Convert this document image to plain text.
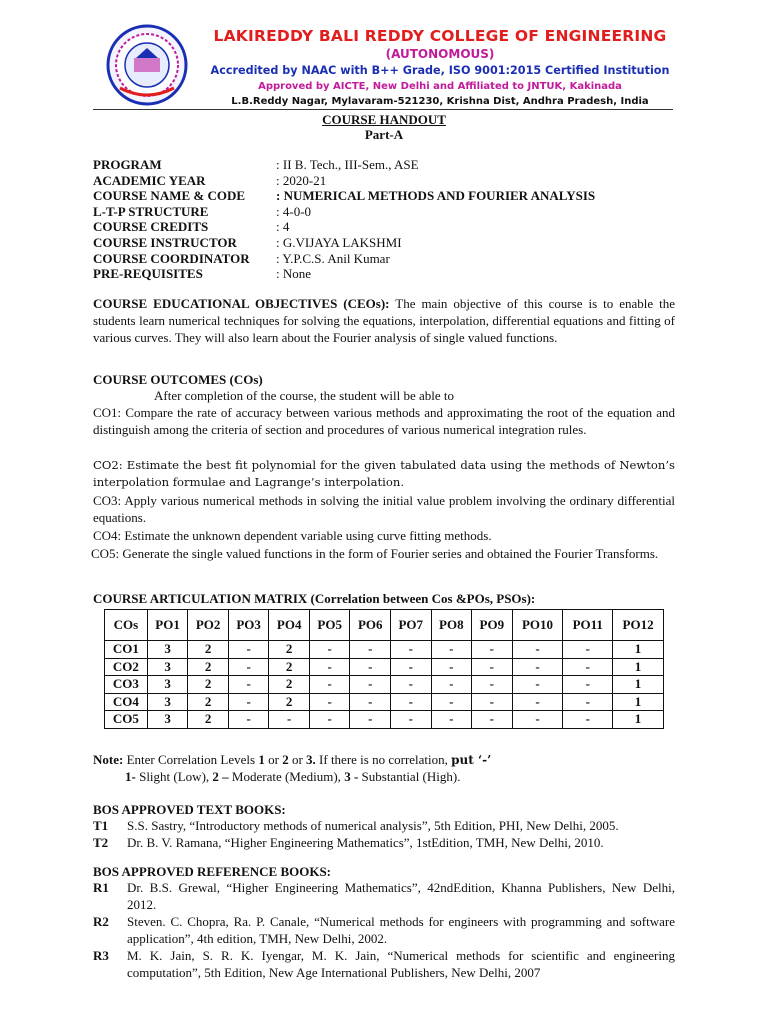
LAKIREDDY BALI REDDY COLLEGE OF ENGINEERING
(AUTONOMOUS)
Accredited by NAAC with B++ Grade, ISO 9001:2015 Certified Institution
Approved by AICTE, New Delhi and Affiliated to JNTUK, Kakinada
L.B.Reddy Nagar, Mylavaram-521230, Krishna Dist, Andhra Pradesh, India
COURSE HANDOUT
Part-A
PROGRAM	: II B. Tech., III-Sem., ASE
ACADEMIC YEAR	: 2020-21
COURSE NAME & CODE	: NUMERICAL METHODS AND FOURIER ANALYSIS
L-T-P STRUCTURE	: 4-0-0
COURSE CREDITS	: 4
COURSE INSTRUCTOR	: G.VIJAYA LAKSHMI
COURSE COORDINATOR	: Y.P.C.S. Anil Kumar
PRE-REQUISITES	: None
COURSE EDUCATIONAL OBJECTIVES (CEOs): The main objective of this course is to enable the students learn numerical techniques for solving the equations, interpolation, differential equations and fitting of various curves. They will also learn about the Fourier analysis of single valued functions.
COURSE OUTCOMES (COs)
After completion of the course, the student will be able to
CO1: Compare the rate of accuracy between various methods and approximating the root of the equation and distinguish among the criteria of section and procedures of various numerical integration rules.
CO2: Estimate the best fit polynomial for the given tabulated data using the methods of Newton’s interpolation formulae and Lagrange’s interpolation.
CO3: Apply various numerical methods in solving the initial value problem involving the ordinary differential equations.
CO4: Estimate the unknown dependent variable using curve fitting methods.
CO5: Generate the single valued functions in the form of Fourier series and obtained the Fourier Transforms.
COURSE ARTICULATION MATRIX (Correlation between Cos &POs, PSOs):
COs	PO1	PO2	PO3	PO4	PO5	PO6	PO7	PO8	PO9	PO10	PO11	PO12
CO1	3	2	-	2	-	-	-	-	-	-	-	1
CO2	3	2	-	2	-	-	-	-	-	-	-	1
CO3	3	2	-	2	-	-	-	-	-	-	-	1
CO4	3	2	-	2	-	-	-	-	-	-	-	1
CO5	3	2	-	-	-	-	-	-	-	-	-	1
Note: Enter Correlation Levels 1 or 2 or 3. If there is no correlation, put ‘-’
1- Slight (Low), 2 – Moderate (Medium), 3 - Substantial (High).
BOS APPROVED TEXT BOOKS:
T1	S.S. Sastry, “Introductory methods of numerical analysis”, 5th Edition, PHI, New Delhi, 2005.
T2	Dr. B. V. Ramana, “Higher Engineering Mathematics”, 1stEdition, TMH, New Delhi, 2010.
BOS APPROVED REFERENCE BOOKS:
R1	Dr. B.S. Grewal, “Higher Engineering Mathematics”, 42ndEdition, Khanna Publishers, New Delhi, 2012.
R2	Steven. C. Chopra, Ra. P. Canale, “Numerical methods for engineers with programming and software application”, 4th edition, TMH, New Delhi, 2002.
R3	M. K. Jain, S. R. K. Iyengar, M. K. Jain, “Numerical methods for scientific and engineering computation”, 5th Edition, New Age International Publishers, New Delhi, 2007
